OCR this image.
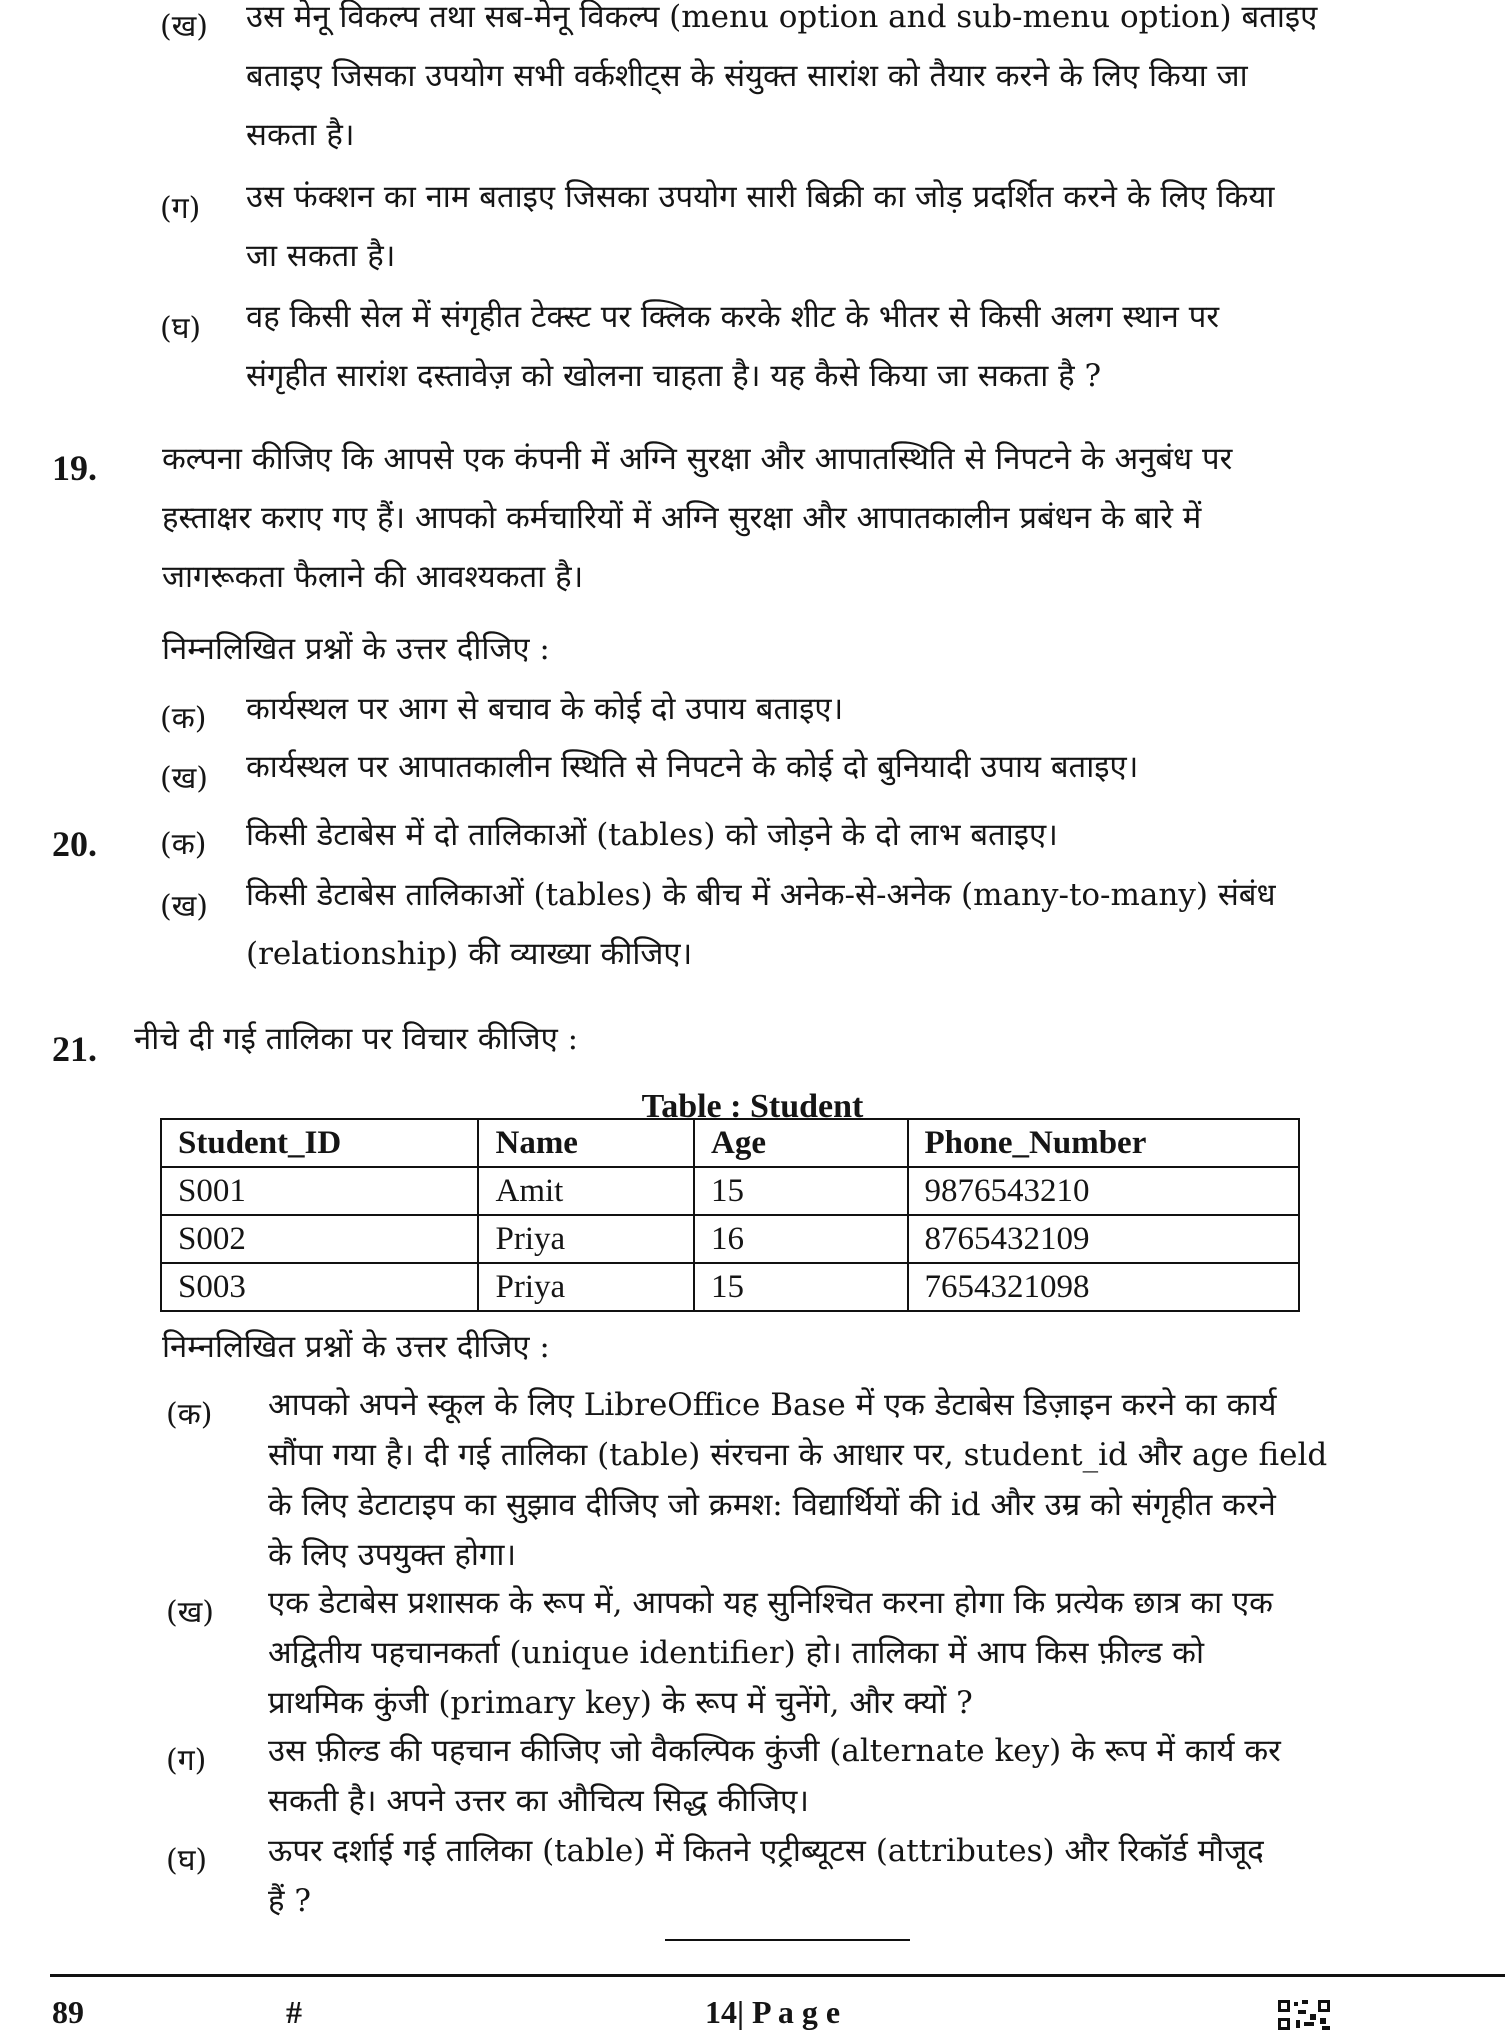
(ख) उस मेनू विकल्प तथा सब-मेनू विकल्प (menu option and sub-menu option) बताइए
बताइए जिसका उपयोग सभी वर्कशीट्स के संयुक्त सारांश को तैयार करने के लिए किया जा
सकता है।
(ग) उस फंक्शन का नाम बताइए जिसका उपयोग सारी बिक्री का जोड़ प्रदर्शित करने के लिए किया
जा सकता है।
(घ) वह किसी सेल में संगृहीत टेक्स्ट पर क्लिक करके शीट के भीतर से किसी अलग स्थान पर
संगृहीत सारांश दस्तावेज़ को खोलना चाहता है। यह कैसे किया जा सकता है ?
19. कल्पना कीजिए कि आपसे एक कंपनी में अग्नि सुरक्षा और आपातस्थिति से निपटने के अनुबंध पर
हस्ताक्षर कराए गए हैं। आपको कर्मचारियों में अग्नि सुरक्षा और आपातकालीन प्रबंधन के बारे में
जागरूकता फैलाने की आवश्यकता है।
निम्नलिखित प्रश्नों के उत्तर दीजिए :
(क) कार्यस्थल पर आग से बचाव के कोई दो उपाय बताइए।
(ख) कार्यस्थल पर आपातकालीन स्थिति से निपटने के कोई दो बुनियादी उपाय बताइए।
20. (क) किसी डेटाबेस में दो तालिकाओं (tables) को जोड़ने के दो लाभ बताइए।
(ख) किसी डेटाबेस तालिकाओं (tables) के बीच में अनेक-से-अनेक (many-to-many) संबंध
(relationship) की व्याख्या कीजिए।
21. नीचे दी गई तालिका पर विचार कीजिए :
Table : Student
Student_ID	Name	Age	Phone_Number
S001	Amit	15	9876543210
S002	Priya	16	8765432109
S003	Priya	15	7654321098
निम्नलिखित प्रश्नों के उत्तर दीजिए :
(क) आपको अपने स्कूल के लिए LibreOffice Base में एक डेटाबेस डिज़ाइन करने का कार्य
सौंपा गया है। दी गई तालिका (table) संरचना के आधार पर, student_id और age field
के लिए डेटाटाइप का सुझाव दीजिए जो क्रमश: विद्यार्थियों की id और उम्र को संगृहीत करने
के लिए उपयुक्त होगा।
(ख) एक डेटाबेस प्रशासक के रूप में, आपको यह सुनिश्चित करना होगा कि प्रत्येक छात्र का एक
अद्वितीय पहचानकर्ता (unique identifier) हो। तालिका में आप किस फ़ील्ड को
प्राथमिक कुंजी (primary key) के रूप में चुनेंगे, और क्यों ?
(ग) उस फ़ील्ड की पहचान कीजिए जो वैकल्पिक कुंजी (alternate key) के रूप में कार्य कर
सकती है। अपने उत्तर का औचित्य सिद्ध कीजिए।
(घ) ऊपर दर्शाई गई तालिका (table) में कितने एट्रीब्यूटस (attributes) और रिकॉर्ड मौजूद
हैं ?
89	#	14| P a g e
